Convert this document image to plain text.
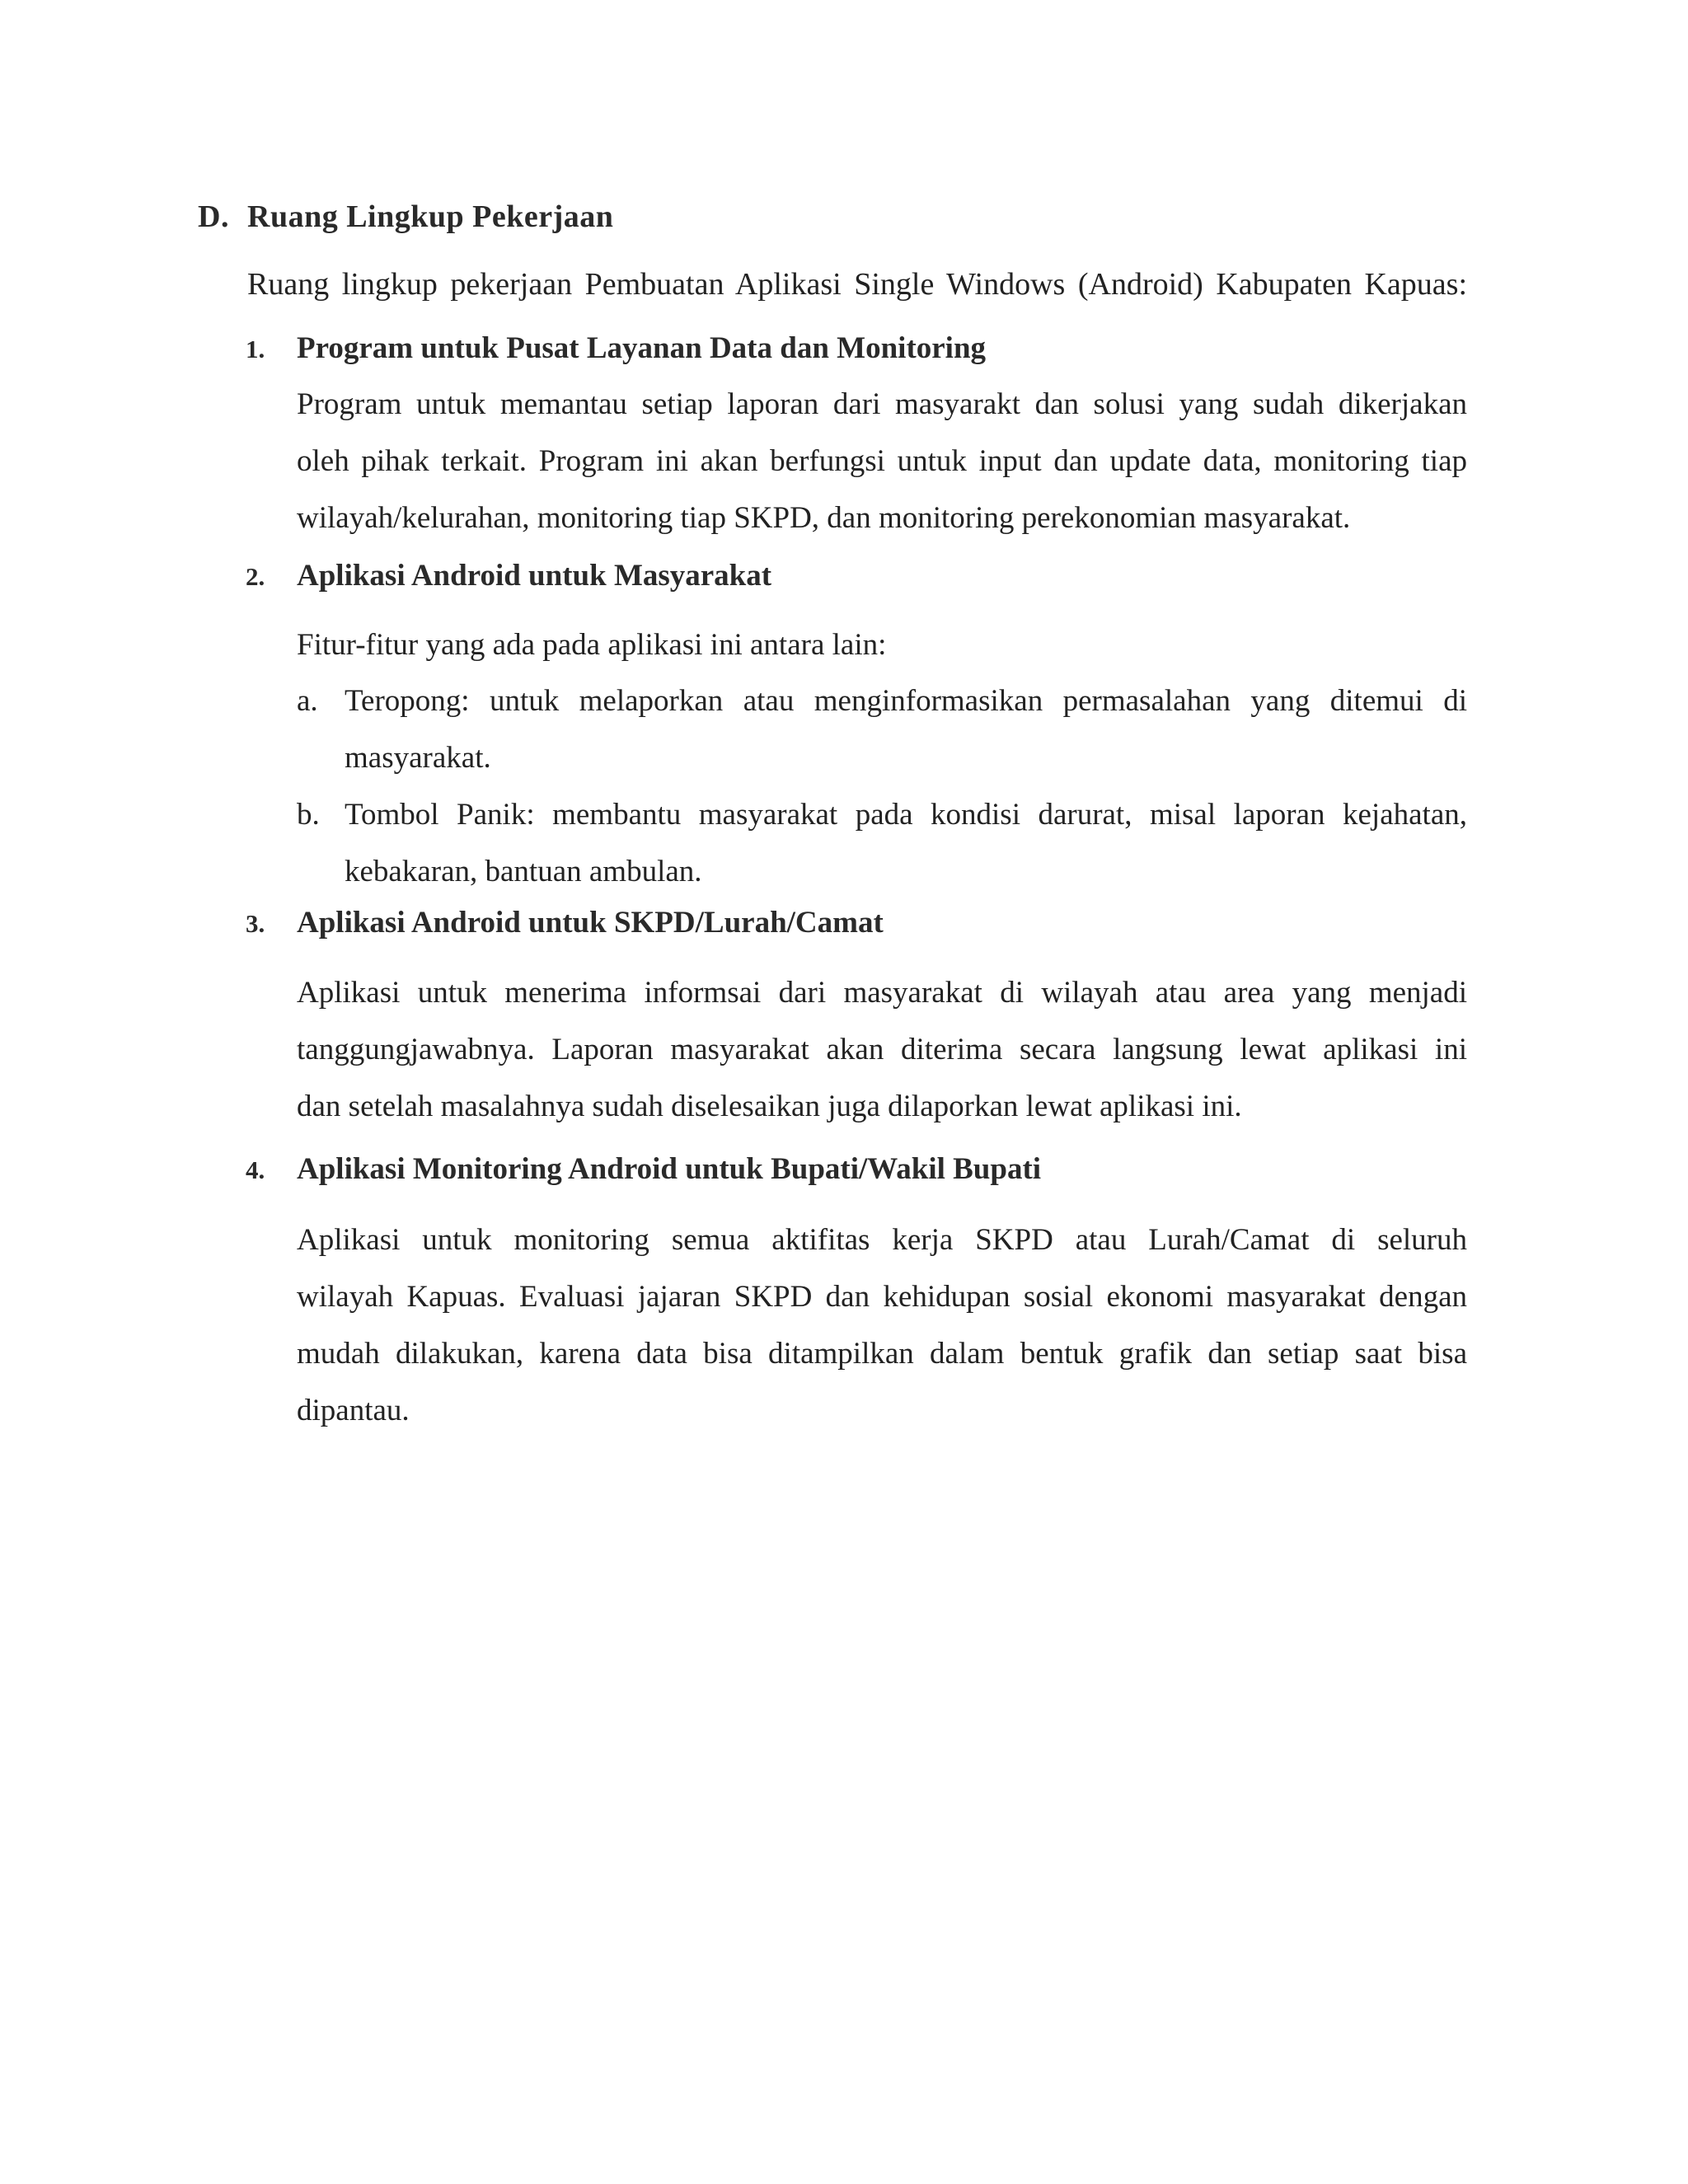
D. Ruang Lingkup Pekerjaan
Ruang lingkup pekerjaan Pembuatan Aplikasi Single Windows (Android) Kabupaten Kapuas:
1. Program untuk Pusat Layanan Data dan Monitoring
Program untuk memantau setiap laporan dari masyarakt dan solusi yang sudah dikerjakan
oleh pihak terkait. Program ini akan berfungsi untuk input dan update data, monitoring tiap
wilayah/kelurahan, monitoring tiap SKPD, dan monitoring perekonomian masyarakat.
2. Aplikasi Android untuk Masyarakat
Fitur-fitur yang ada pada aplikasi ini antara lain:
a. Teropong: untuk melaporkan atau menginformasikan permasalahan yang ditemui di
masyarakat.
b. Tombol Panik: membantu masyarakat pada kondisi darurat, misal laporan kejahatan,
kebakaran, bantuan ambulan.
3. Aplikasi Android untuk SKPD/Lurah/Camat
Aplikasi untuk menerima informsai dari masyarakat di wilayah atau area yang menjadi
tanggungjawabnya. Laporan masyarakat akan diterima secara langsung lewat aplikasi ini
dan setelah masalahnya sudah diselesaikan juga dilaporkan lewat aplikasi ini.
4. Aplikasi Monitoring Android untuk Bupati/Wakil Bupati
Aplikasi untuk monitoring semua aktifitas kerja SKPD atau Lurah/Camat di seluruh
wilayah Kapuas. Evaluasi jajaran SKPD dan kehidupan sosial ekonomi masyarakat dengan
mudah dilakukan, karena data bisa ditampilkan dalam bentuk grafik dan setiap saat bisa
dipantau.
